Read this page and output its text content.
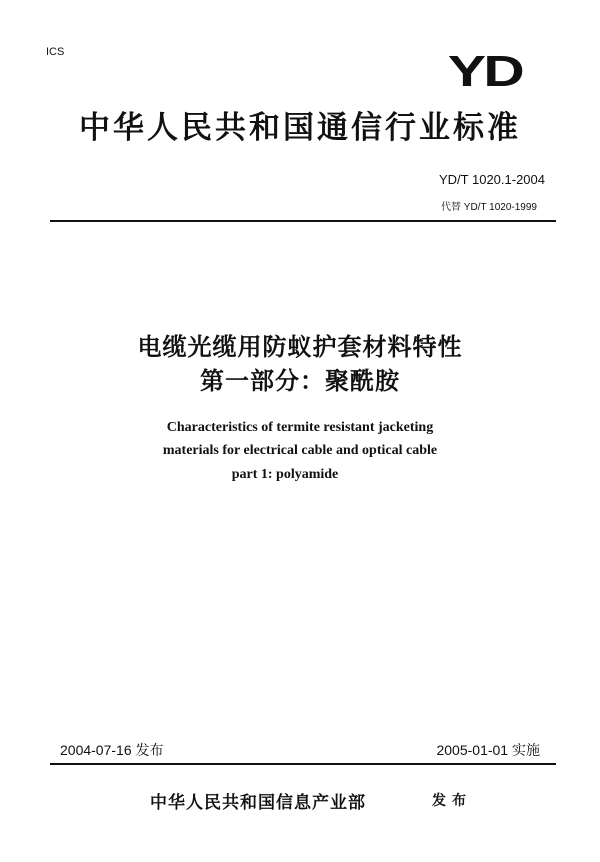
ICS	YD
中华人民共和国通信行业标准
YD/T 1020.1-2004
代替 YD/T 1020-1999
电缆光缆用防蚁护套材料特性
第一部分：聚酰胺
Characteristics of termite resistant jacketing
materials for electrical cable and optical cable
part 1: polyamide
2004-07-16 发布	2005-01-01 实施
中华人民共和国信息产业部	发布
